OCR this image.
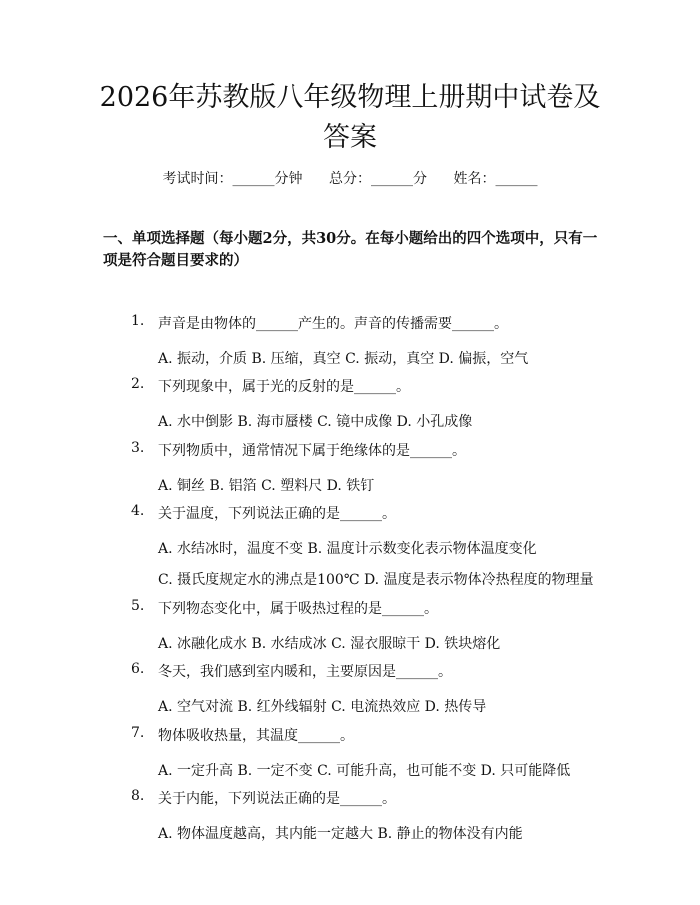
2026年苏教版八年级物理上册期中试卷及答案
考试时间：______分钟 总分：______分 姓名：______

一、单项选择题（每小题2分，共30分。在每小题给出的四个选项中，只有一项是符合题目要求的）

1. 声音是由物体的______产生的。声音的传播需要______。
A. 振动，介质 B. 压缩，真空 C. 振动，真空 D. 偏振，空气
2. 下列现象中，属于光的反射的是______。
A. 水中倒影 B. 海市蜃楼 C. 镜中成像 D. 小孔成像
3. 下列物质中，通常情况下属于绝缘体的是______。
A. 铜丝 B. 铝箔 C. 塑料尺 D. 铁钉
4. 关于温度，下列说法正确的是______。
A. 水结冰时，温度不变 B. 温度计示数变化表示物体温度变化
C. 摄氏度规定水的沸点是100℃ D. 温度是表示物体冷热程度的物理量
5. 下列物态变化中，属于吸热过程的是______。
A. 冰融化成水 B. 水结成冰 C. 湿衣服晾干 D. 铁块熔化
6. 冬天，我们感到室内暖和，主要原因是______。
A. 空气对流 B. 红外线辐射 C. 电流热效应 D. 热传导
7. 物体吸收热量，其温度______。
A. 一定升高 B. 一定不变 C. 可能升高，也可能不变 D. 只可能降低
8. 关于内能，下列说法正确的是______。
A. 物体温度越高，其内能一定越大 B. 静止的物体没有内能
